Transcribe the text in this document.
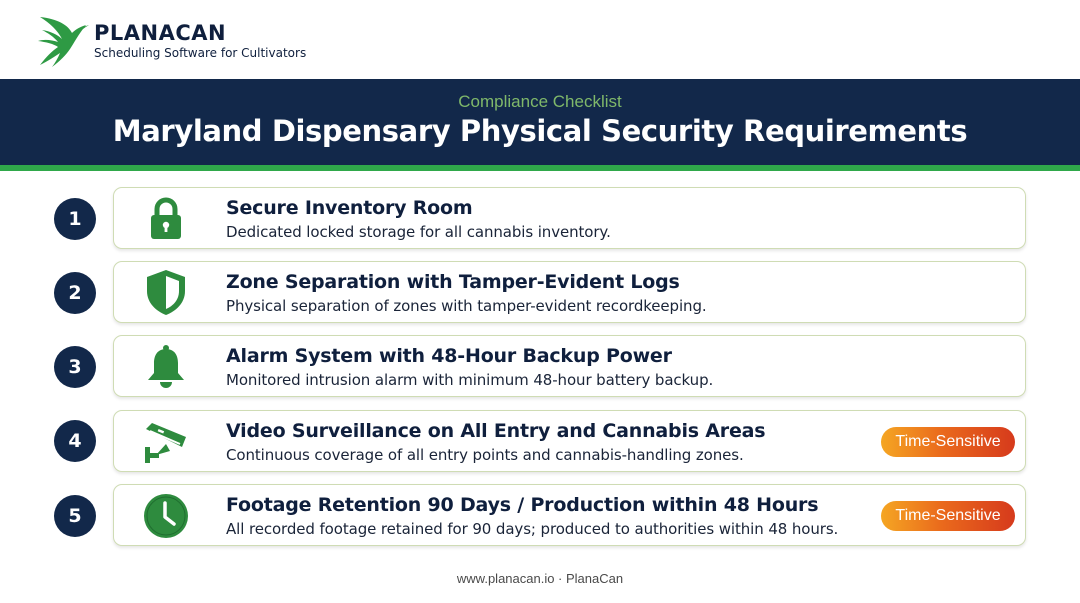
PLANACAN
Scheduling Software for Cultivators
Compliance Checklist
Maryland Dispensary Physical Security Requirements
1	Secure Inventory Room
Dedicated locked storage for all cannabis inventory.
2	Zone Separation with Tamper-Evident Logs
Physical separation of zones with tamper-evident recordkeeping.
3	Alarm System with 48-Hour Backup Power
Monitored intrusion alarm with minimum 48-hour battery backup.
4	Video Surveillance on All Entry and Cannabis Areas
Continuous coverage of all entry points and cannabis-handling zones.
Time-Sensitive
5	Footage Retention 90 Days / Production within 48 Hours
All recorded footage retained for 90 days; produced to authorities within 48 hours.
Time-Sensitive
www.planacan.io · PlanaCan
